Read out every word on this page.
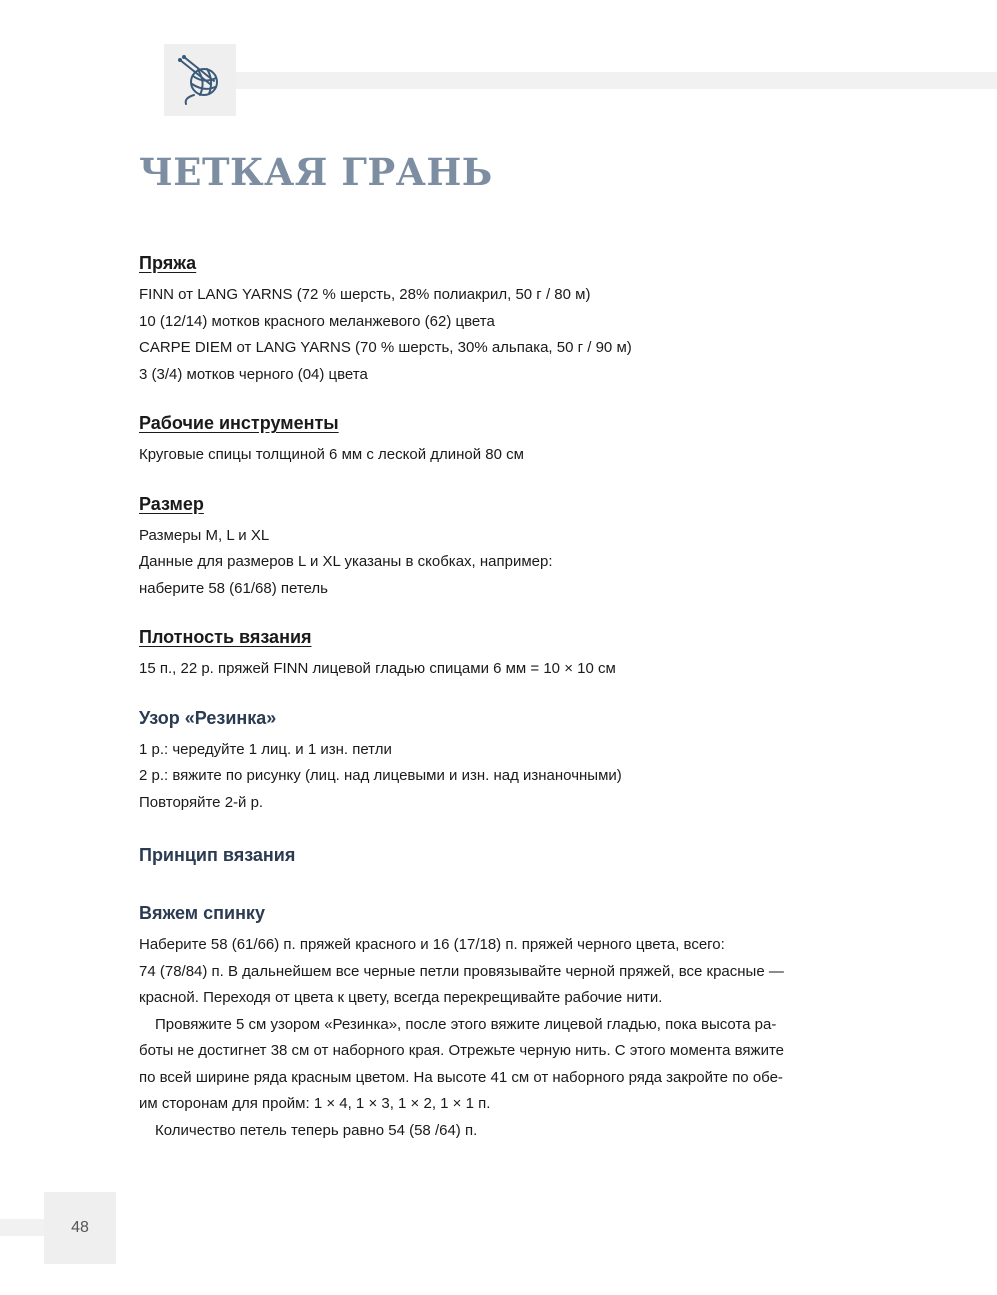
ЧЕТКАЯ ГРАНЬ
Пряжа

FINN от LANG YARNS (72 % шерсть, 28% полиакрил, 50 г / 80 м)

10 (12/14) мотков красного меланжевого (62) цвета

CARPE DIEM от LANG YARNS (70 % шерсть, 30% альпака, 50 г / 90 м)

3 (3/4) мотков черного (04) цвета

Рабочие инструменты

Круговые спицы толщиной 6 мм с леской длиной 80 см

Размер

Размеры M, L и XL

Данные для размеров L и XL указаны в скобках, например:

наберите 58 (61/68) петель

Плотность вязания

15 п., 22 р. пряжей FINN лицевой гладью спицами 6 мм = 10 × 10 см

Узор «Резинка»

1 р.: чередуйте 1 лиц. и 1 изн. петли

2 р.: вяжите по рисунку (лиц. над лицевыми и изн. над изнаночными)

Повторяйте 2-й р.

Принцип вязания
Вяжем спинку

Наберите 58 (61/66) п. пряжей красного и 16 (17/18) п. пряжей черного цвета, всего:

74 (78/84) п. В дальнейшем все черные петли провязывайте черной пряжей, все красные —

красной. Переходя от цвета к цвету, всегда перекрещивайте рабочие нити.

Провяжите 5 см узором «Резинка», после этого вяжите лицевой гладью, пока высота ра-

боты не достигнет 38 см от наборного края. Отрежьте черную нить. С этого момента вяжите

по всей ширине ряда красным цветом. На высоте 41 см от наборного ряда закройте по обе-

им сторонам для пройм: 1 × 4, 1 × 3, 1 × 2, 1 × 1 п.

Количество петель теперь равно 54 (58 /64) п.

48
